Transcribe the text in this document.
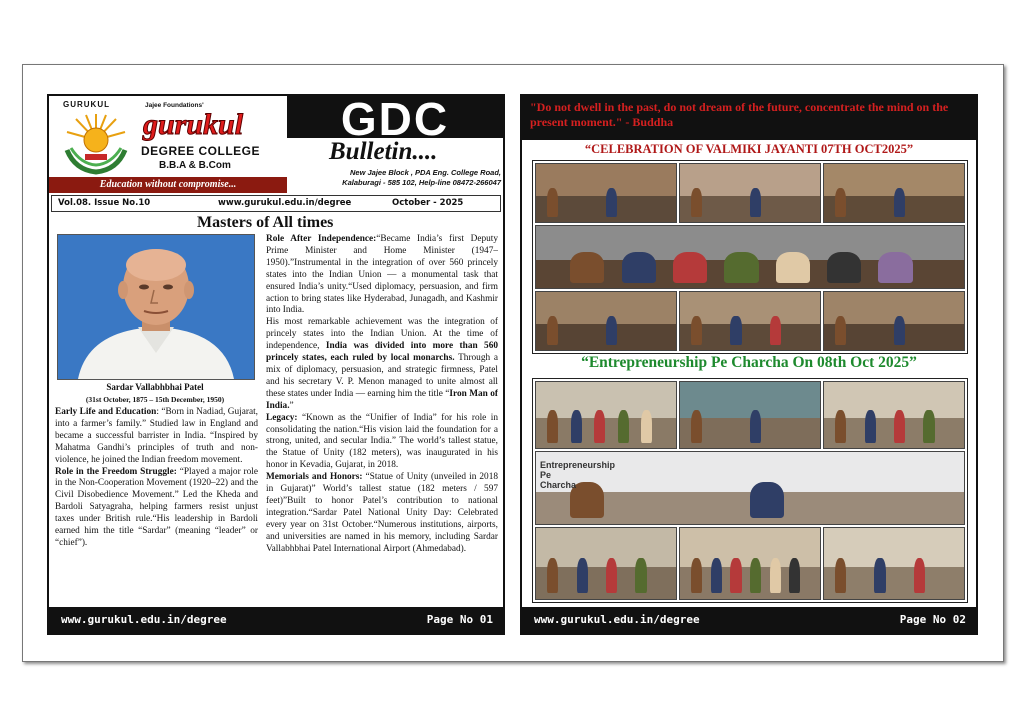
GURUKUL	Jajee Foundations'
gurukul
DEGREE COLLEGE
B.B.A & B.Com
Education without compromise...
GDC
Bulletin....
New Jajee Block , PDA Eng. College Road,
Kalaburagi - 585 102, Help-line 08472-266047
Vol.08. Issue No.10	www.gurukul.edu.in/degree	October - 2025
Masters of All times
Sardar Vallabhbhai Patel
(31st October, 1875 – 15th December, 1950)

Early Life and Education: “Born in Nadiad, Gujarat, into a farmer’s family.” Studied law in England and became a successful barrister in India. “Inspired by Mahatma Gandhi’s principles of truth and non-violence, he joined the Indian freedom movement.

Role in the Freedom Struggle: “Played a major role in the Non-Cooperation Movement (1920–22) and the Civil Disobedience Movement.” Led the Kheda and Bardoli Satyagraha, helping farmers resist unjust taxes under British rule.“His leadership in Bardoli earned him the title “Sardar” (meaning “leader” or “chief”).

Role After Independence:“Became India’s first Deputy Prime Minister and Home Minister (1947–1950).”Instrumental in the integration of over 560 princely states into the Indian Union — a monumental task that ensured India’s unity.“Used diplomacy, persuasion, and firm action to bring states like Hyderabad, Junagadh, and Kashmir into India.

His most remarkable achievement was the integration of princely states into the Indian Union. At the time of independence, India was divided into more than 560 princely states, each ruled by local monarchs. Through a mix of diplomacy, persuasion, and strategic firmness, Patel and his secretary V. P. Menon managed to unite almost all these states under India — earning him the title “Iron Man of India.”

Legacy: “Known as the “Unifier of India” for his role in consolidating the nation.“His vision laid the foundation for a strong, united, and secular India.” The world’s tallest statue, the Statue of Unity (182 meters), was inaugurated in his honor in Kevadia, Gujarat, in 2018.

Memorials and Honors: “Statue of Unity (unveiled in 2018 in Gujarat)” World’s tallest statue (182 meters / 597 feet)”Built to honor Patel’s contribution to national integration.“Sardar Patel National Unity Day: Celebrated every year on 31st October.“Numerous institutions, airports, and universities are named in his memory, including Sardar Vallabhbhai Patel International Airport (Ahmedabad).

www.gurukul.edu.in/degree	Page No 01
"Do not dwell in the past, do not dream of the future, concentrate the mind on the present moment." - Buddha
“CELEBRATION OF VALMIKI JAYANTI 07TH OCT2025”
“Entrepreneurship Pe Charcha On 08th Oct 2025”
Entrepreneurship
Pe
Charcha
www.gurukul.edu.in/degree	Page No 02
